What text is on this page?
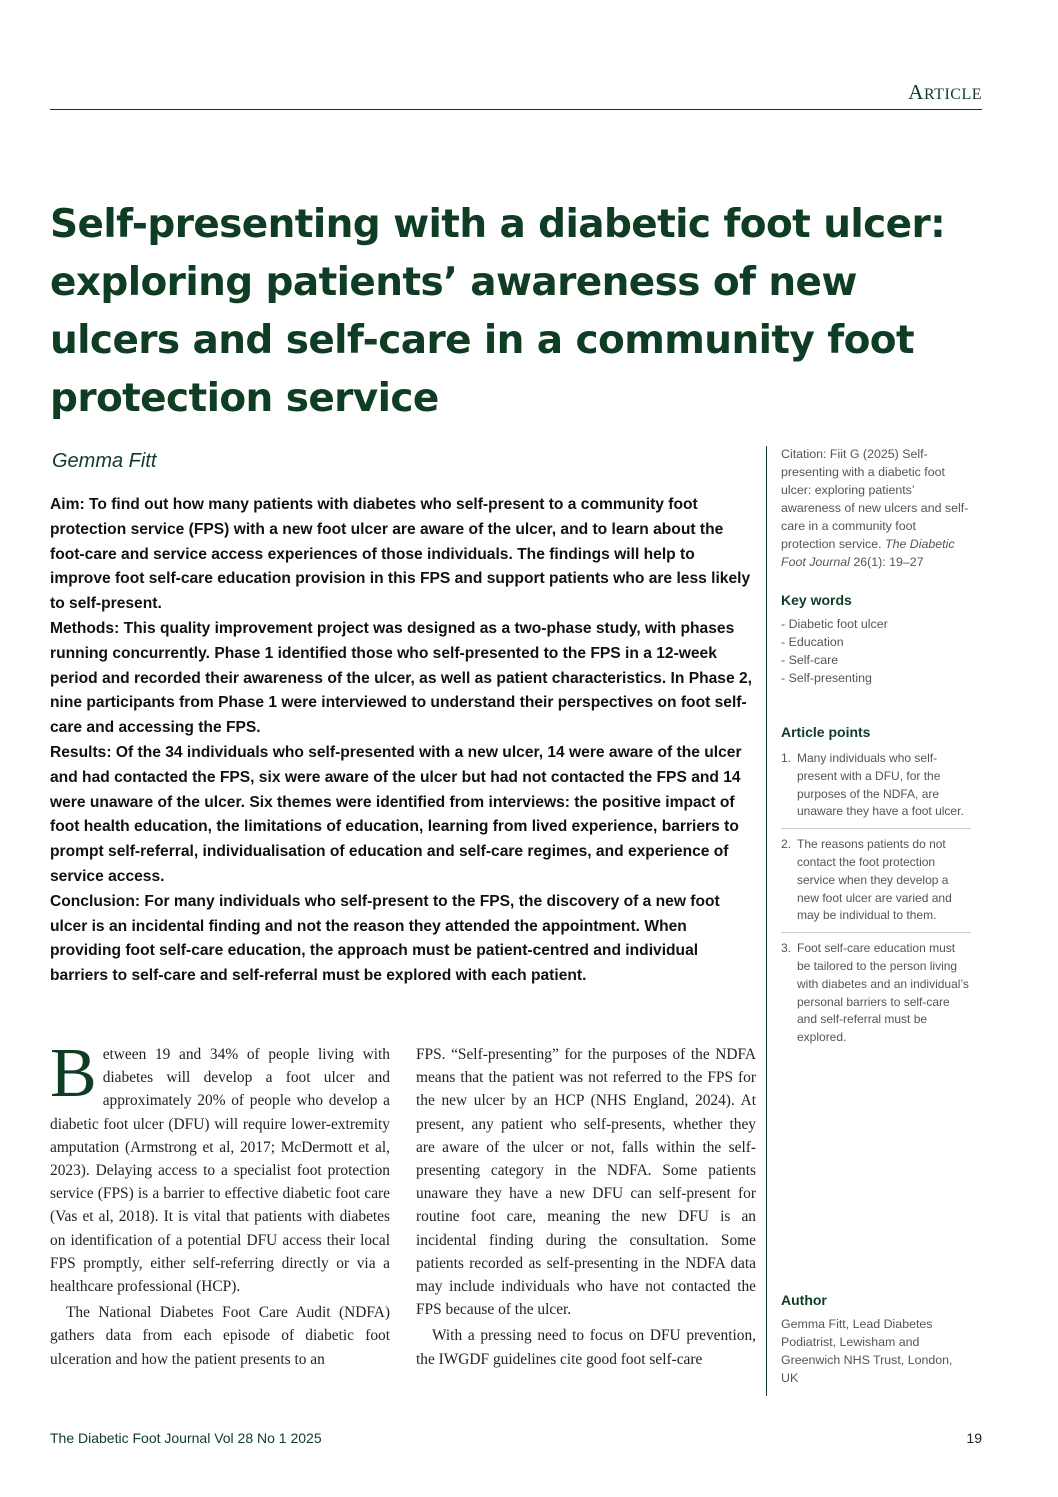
ARTICLE
Self-presenting with a diabetic foot ulcer: exploring patients’ awareness of new ulcers and self-care in a community foot protection service
Gemma Fitt

Aim: To find out how many patients with diabetes who self-present to a community foot protection service (FPS) with a new foot ulcer are aware of the ulcer, and to learn about the foot-care and service access experiences of those individuals. The findings will help to improve foot self-care education provision in this FPS and support patients who are less likely to self-present.

Methods: This quality improvement project was designed as a two-phase study, with phases running concurrently. Phase 1 identified those who self-presented to the FPS in a 12-week period and recorded their awareness of the ulcer, as well as patient characteristics. In Phase 2, nine participants from Phase 1 were interviewed to understand their perspectives on foot self-care and accessing the FPS.

Results: Of the 34 individuals who self-presented with a new ulcer, 14 were aware of the ulcer and had contacted the FPS, six were aware of the ulcer but had not contacted the FPS and 14 were unaware of the ulcer. Six themes were identified from interviews: the positive impact of foot health education, the limitations of education, learning from lived experience, barriers to prompt self-referral, individualisation of education and self-care regimes, and experience of service access.

Conclusion: For many individuals who self-present to the FPS, the discovery of a new foot ulcer is an incidental finding and not the reason they attended the appointment. When providing foot self-care education, the approach must be patient-centred and individual barriers to self-care and self-referral must be explored with each patient.

Citation: Fiit G (2025) Self-presenting with a diabetic foot ulcer: exploring patients’ awareness of new ulcers and self-care in a community foot protection service. The Diabetic Foot Journal 26(1): 19–27
Key words
- Diabetic foot ulcer
- Education
- Self-care
- Self-presenting
Article points
1. Many individuals who self-present with a DFU, for the purposes of the NDFA, are unaware they have a foot ulcer.
2. The reasons patients do not contact the foot protection service when they develop a new foot ulcer are varied and may be individual to them.
3. Foot self-care education must be tailored to the person living with diabetes and an individual’s personal barriers to self-care and self-referral must be explored.
Author
Gemma Fitt, Lead Diabetes Podiatrist, Lewisham and Greenwich NHS Trust, London, UK

Between 19 and 34% of people living with diabetes will develop a foot ulcer and approximately 20% of people who develop a diabetic foot ulcer (DFU) will require lower-extremity amputation (Armstrong et al, 2017; McDermott et al, 2023). Delaying access to a specialist foot protection service (FPS) is a barrier to effective diabetic foot care (Vas et al, 2018). It is vital that patients with diabetes on identification of a potential DFU access their local FPS promptly, either self-referring directly or via a healthcare professional (HCP).

The National Diabetes Foot Care Audit (NDFA) gathers data from each episode of diabetic foot ulceration and how the patient presents to an

FPS. “Self-presenting” for the purposes of the NDFA means that the patient was not referred to the FPS for the new ulcer by an HCP (NHS England, 2024). At present, any patient who self-presents, whether they are aware of the ulcer or not, falls within the self-presenting category in the NDFA. Some patients unaware they have a new DFU can self-present for routine foot care, meaning the new DFU is an incidental finding during the consultation. Some patients recorded as self-presenting in the NDFA data may include individuals who have not contacted the FPS because of the ulcer.

With a pressing need to focus on DFU prevention, the IWGDF guidelines cite good foot self-care

The Diabetic Foot Journal Vol 28 No 1 2025	19
